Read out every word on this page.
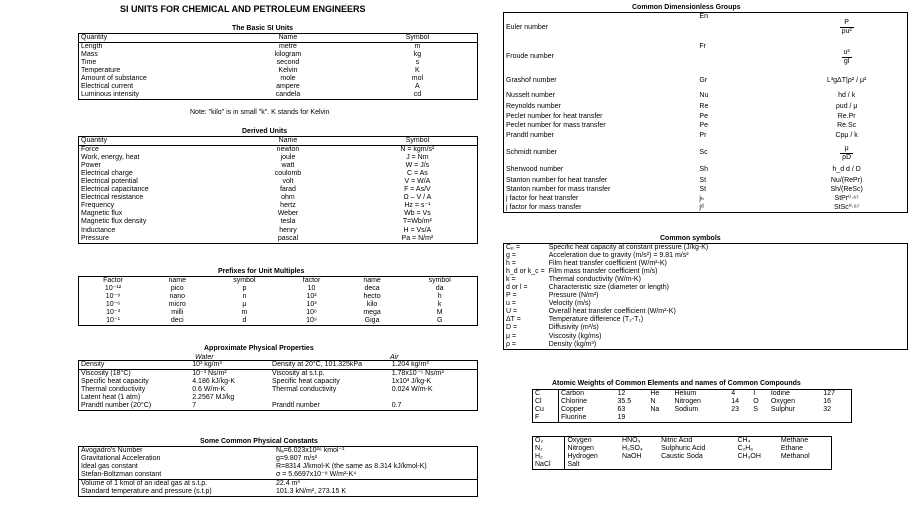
SI UNITS FOR CHEMICAL AND PETROLEUM ENGINEERS
The Basic SI Units
Quantity	Name	Symbol
Length	metre	m
Mass	kilogram	kg
Time	second	s
Temperature	Kelvin	K
Amount of substance	mole	mol
Electrical current	ampere	A
Luminous intensity	candela	cd
Note: "kilo" is in small "k". K stands for Kelvin
Derived Units
Quantity	Name	Symbol
Force	newton	N = kgm/s²
Work, energy, heat	joule	J = Nm
Power	watt	W = J/s
Electrical charge	coulomb	C = As
Electrical potential	volt	V = W/A
Electrical capacitance	farad	F = As/V
Electrical resistance	ohm	Ω – V / A
Frequency	hertz	Hz = s⁻¹
Magnetic flux	Weber	Wb = Vs
Magnetic flux density	tesla	T=Wb/m²
Inductance	henry	H = Vs/A
Pressure	pascal	Pa = N/m²
Prefixes for Unit Multiples
Factor	name	symbol	factor	name	symbol
10⁻¹²	pico	p	10	deca	da
10⁻⁹	nano	n	10²	hecto	h
10⁻⁶	micro	μ	10³	kilo	k
10⁻³	milli	m	10⁶	mega	M
10⁻¹	deci	d	10⁹	Giga	G
Approximate Physical Properties
Water	Air
Density	10³ kg/m³	Density at 20°C, 101.325kPa	1.204 kg/m³
Viscosity (18°C)	10⁻³ Ns/m²	Viscosity at s.t.p.	1.78x10⁻⁵ Ns/m²
Specific heat capacity	4.186 kJ/kg-K	Specific heat capacity	1x10³ J/kg-K
Thermal conductivity	0.6 W/m-K	Thermal conductivity	0.024 W/m-K
Latent heat (1 atm)	2.2567 MJ/kg		
Prandtl number (20°C)	7	Prandtl number	0.7
Some Common Physical Constants
Avogadro's Number	Nₐ=6.023x10²⁶ kmol⁻¹
Gravitational Acceleration	g=9.807 m/s²
Ideal gas constant	R=8314 J/kmol-K (the same as 8.314 kJ/kmol-K)
Stefan-Boltzman constant	σ = 5.6697x10⁻⁸ W/m²-K⁴
Volume of 1 kmol of an ideal gas at s.t.p.	22.4 m³
Standard temperature and pressure (s.t.p)	101.3 kN/m², 273.15 K
Common Dimensionless Groups
Euler number	En	$\frac{P}{\text{ρu²}}$

Froude number	Fr	$\frac{\text{u²}}{gl}$

Grashof number	Gr	L³gΔT|ρ² / μ²
Nusselt number	Nu	hd / k
Reynolds number	Re	ρud / μ
Peclet number for heat transfer	Pe	Re.Pr
Peclet number for mass transfer	Pe	Re.Sc
Prandtl number	Pr	Cpμ / k
Schmidt number	Sc	$\frac{\mu}{\rho D}$

Sherwood number	Sh	h_d d / D
Stanton number for heat transfer	St	Nu/(RePr)
Stanton number for mass transfer	St	Sh/(ReSc)
j factor for heat transfer	jₕ	StPr⁰·⁶⁷
j factor for mass transfer	jᵈ	StSc⁰·⁶⁷
Common symbols
Cₚ =	Specific heat capacity at constant pressure (J/kg-K)
g =	Acceleration due to gravity (m/s²) = 9.81 m/s²
h =	Film heat transfer coefficient (W/m²-K)
h_d or k_c =	Film mass transfer coefficient (m/s)
k =	Thermal conductivity (W/m-K)
d or l =	Characteristic size (diameter or length)
P =	Pressure (N/m²)
u =	Velocity (m/s)
U =	Overall heat transfer coefficient (W/m²-K)
ΔT =	Temperature difference (T₂-T₁)
D =	Diffusivity (m²/s)
μ =	Viscosity (kg/ms)
ρ =	Density (kg/m³)
Atomic Weights of Common Elements and names of Common Compounds
C	Carbon	12	He	Helium	4	I	Iodine	127
Cl	Chlorine	35.5	N	Nitrogen	14	O	Oxygen	16
Cu	Copper	63	Na	Sodium	23	S	Sulphur	32
F	Fluorine	19						
O₂	Oxygen	HNO₃	Nitric Acid	CH₄	Methane
N₂	Nitrogen	H₂SO₄	Sulphuric Acid	C₂H₆	Ethane
H₂	Hydrogen	NaOH	Caustic Soda	CH₃OH	Methanol
NaCl	Salt				
